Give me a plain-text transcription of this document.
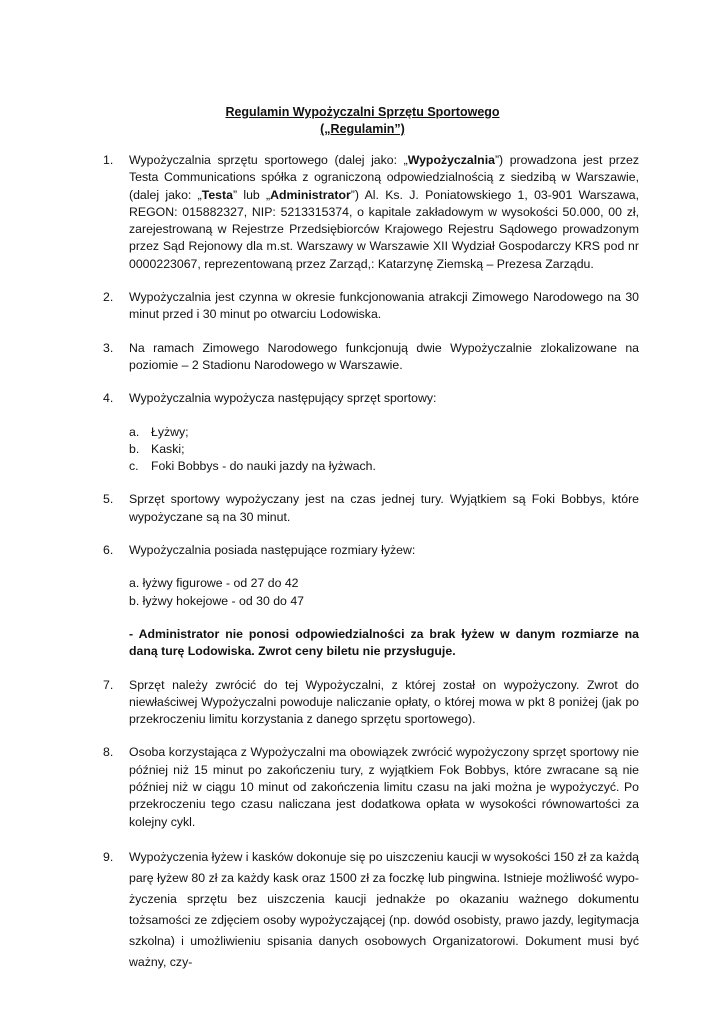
Regulamin Wypożyczalni Sprzętu Sportowego
(„Regulamin”)
1. Wypożyczalnia sprzętu sportowego (dalej jako: „Wypożyczalnia”) prowadzona jest przez Testa Communications spółka z ograniczoną odpowiedzialnością z siedzibą w Warszawie, (dalej jako: „Testa” lub „Administrator”) Al. Ks. J. Poniatowskiego 1, 03-901 Warszawa, REGON: 015882327, NIP: 5213315374, o kapitale zakładowym w wysokości 50.000, 00 zł, zarejestrowaną w Rejestrze Przedsiębiorców Krajowego Rejestru Sądowego prowadzonym przez Sąd Rejonowy dla m.st. Warszawy w Warszawie XII Wydział Gospodarczy KRS pod nr 0000223067, reprezentowaną przez Zarząd,: Katarzynę Ziemską – Prezesa Zarządu.
2. Wypożyczalnia jest czynna w okresie funkcjonowania atrakcji Zimowego Narodowego na 30 minut przed i 30 minut po otwarciu Lodowiska.
3. Na ramach Zimowego Narodowego funkcjonują dwie Wypożyczalnie zlokalizowane na poziomie – 2 Stadionu Narodowego w Warszawie.
4. Wypożyczalnia wypożycza następujący sprzęt sportowy:
a. Łyżwy;
b. Kaski;
c. Foki Bobbys - do nauki jazdy na łyżwach.
5. Sprzęt sportowy wypożyczany jest na czas jednej tury. Wyjątkiem są Foki Bobbys, które wypożyczane są na 30 minut.
6. Wypożyczalnia posiada następujące rozmiary łyżew:
a. łyżwy figurowe - od 27 do 42
b. łyżwy hokejowe - od 30 do 47
- Administrator nie ponosi odpowiedzialności za brak łyżew w danym rozmiarze na daną turę Lodowiska. Zwrot ceny biletu nie przysługuje.
7. Sprzęt należy zwrócić do tej Wypożyczalni, z której został on wypożyczony. Zwrot do niewłaściwej Wypożyczalni powoduje naliczanie opłaty, o której mowa w pkt 8 poniżej (jak po przekroczeniu limitu korzystania z danego sprzętu sportowego).
8. Osoba korzystająca z Wypożyczalni ma obowiązek zwrócić wypożyczony sprzęt sportowy nie później niż 15 minut po zakończeniu tury, z wyjątkiem Fok Bobbys, które zwracane są nie później niż w ciągu 10 minut od zakończenia limitu czasu na jaki można je wypożyczyć. Po przekroczeniu tego czasu naliczana jest dodatkowa opłata w wysokości równowartości za kolejny cykl.
9. Wypożyczenia łyżew i kasków dokonuje się po uiszczeniu kaucji w wysokości 150 zł za każdą parę łyżew 80 zł za każdy kask oraz 1500 zł za foczkę lub pingwina. Istnieje możliwość wypo-życzenia sprzętu bez uiszczenia kaucji jednakże po okazaniu ważnego dokumentu tożsamości ze zdjęciem osoby wypożyczającej (np. dowód osobisty, prawo jazdy, legitymacja szkolna) i umożliwieniu spisania danych osobowych Organizatorowi. Dokument musi być ważny, czy-
